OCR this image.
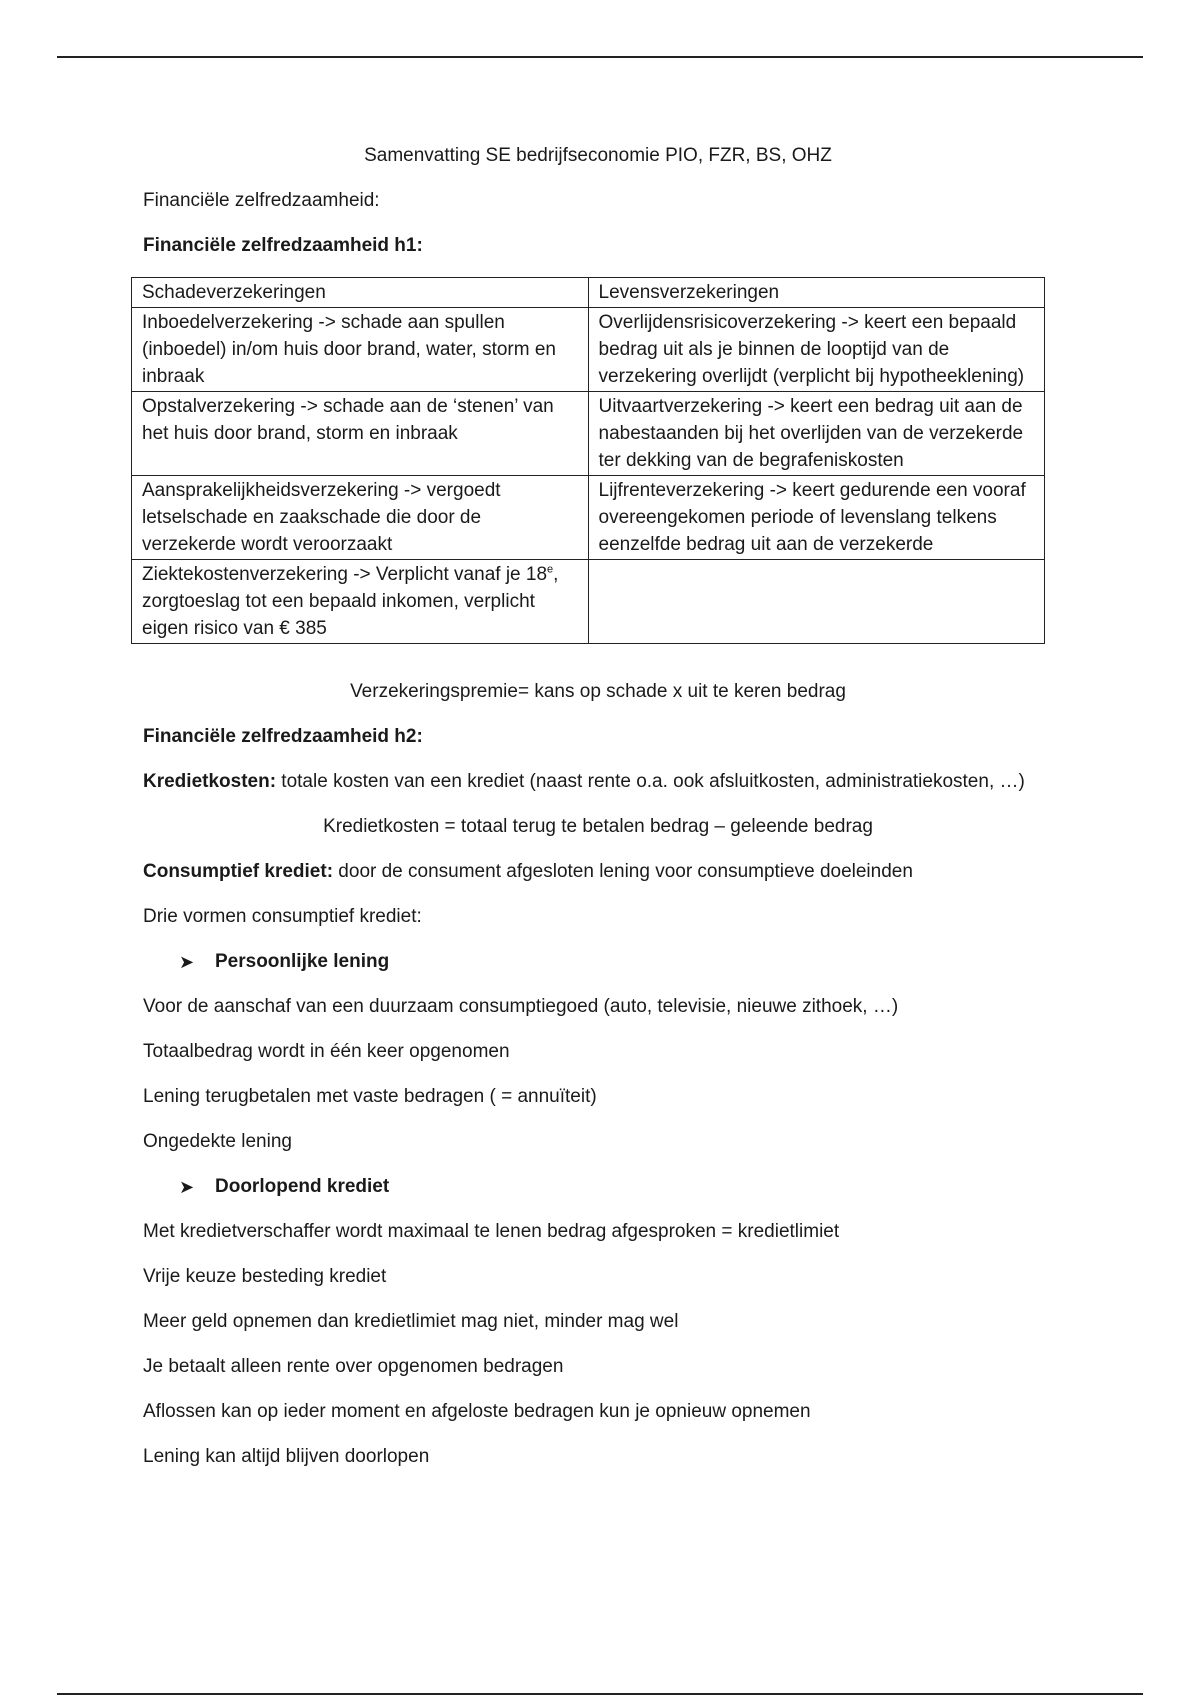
Samenvatting SE bedrijfseconomie PIO, FZR, BS, OHZ

Financiële zelfredzaamheid:

Financiële zelfredzaamheid h1:

Schadeverzekeringen	Levensverzekeringen
Inboedelverzekering -> schade aan spullen (inboedel) in/om huis door brand, water, storm en inbraak	Overlijdensrisicoverzekering -> keert een bepaald bedrag uit als je binnen de looptijd van de verzekering overlijdt (verplicht bij hypotheeklening)
Opstalverzekering -> schade aan de ‘stenen’ van het huis door brand, storm en inbraak	Uitvaartverzekering -> keert een bedrag uit aan de nabestaanden bij het overlijden van de verzekerde ter dekking van de begrafeniskosten
Aansprakelijkheidsverzekering -> vergoedt letselschade en zaakschade die door de verzekerde wordt veroorzaakt	Lijfrenteverzekering -> keert gedurende een vooraf overeengekomen periode of levenslang telkens eenzelfde bedrag uit aan de verzekerde
Ziektekostenverzekering -> Verplicht vanaf je 18e, zorgtoeslag tot een bepaald inkomen, verplicht eigen risico van € 385	

Verzekeringspremie= kans op schade x uit te keren bedrag

Financiële zelfredzaamheid h2:

Kredietkosten: totale kosten van een krediet (naast rente o.a. ook afsluitkosten, administratiekosten, …)

Kredietkosten = totaal terug te betalen bedrag – geleende bedrag

Consumptief krediet: door de consument afgesloten lening voor consumptieve doeleinden

Drie vormen consumptief krediet:

➤	Persoonlijke lening

Voor de aanschaf van een duurzaam consumptiegoed (auto, televisie, nieuwe zithoek, …)

Totaalbedrag wordt in één keer opgenomen

Lening terugbetalen met vaste bedragen ( = annuïteit)

Ongedekte lening

➤	Doorlopend krediet

Met kredietverschaffer wordt maximaal te lenen bedrag afgesproken = kredietlimiet

Vrije keuze besteding krediet

Meer geld opnemen dan kredietlimiet mag niet, minder mag wel

Je betaalt alleen rente over opgenomen bedragen

Aflossen kan op ieder moment en afgeloste bedragen kun je opnieuw opnemen

Lening kan altijd blijven doorlopen
